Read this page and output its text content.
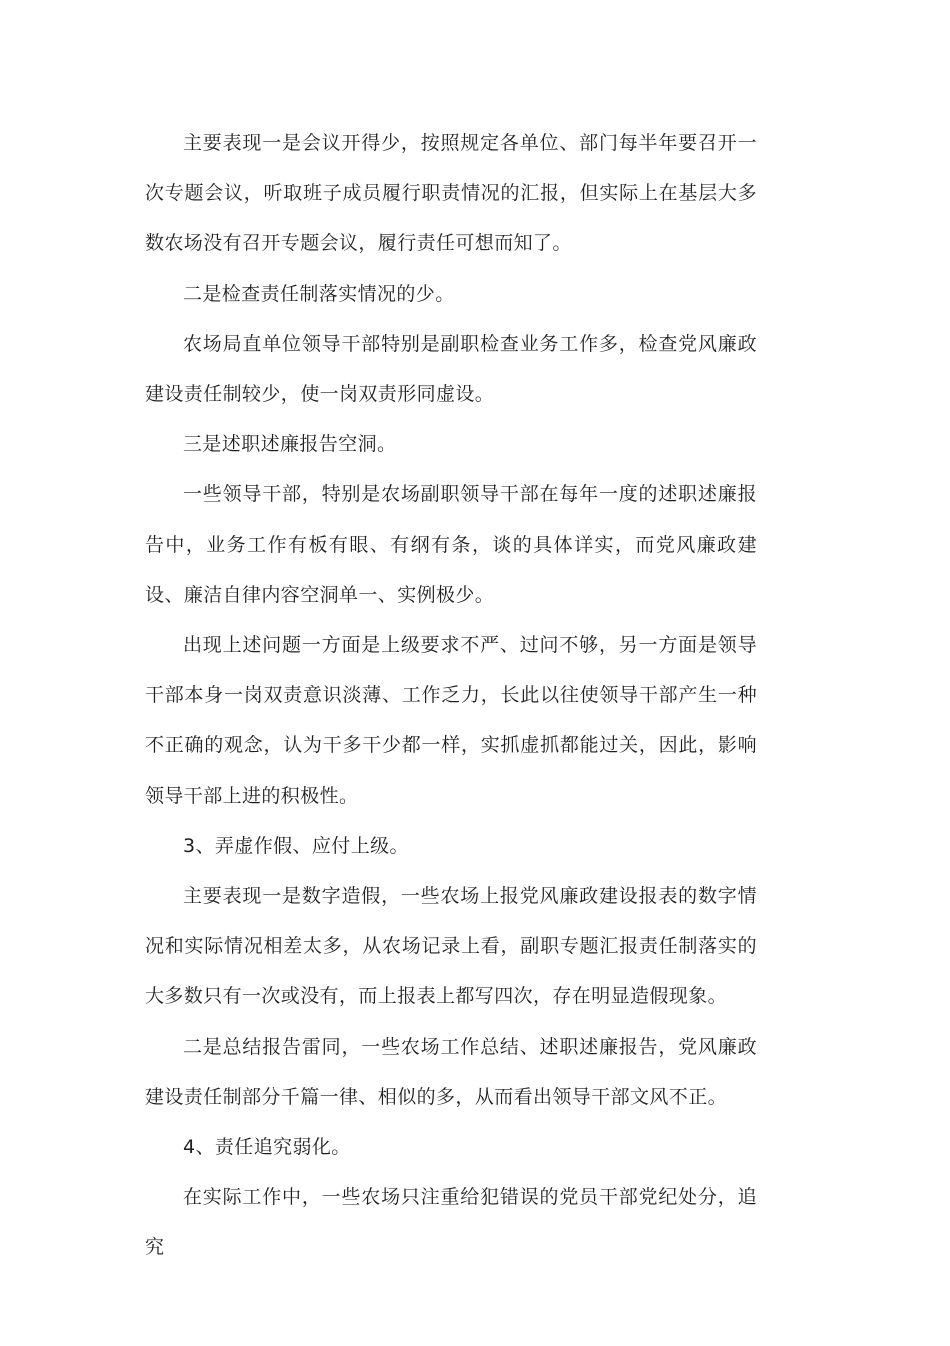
主要表现一是会议开得少，按照规定各单位、部门每半年要召开一次专题会议，听取班子成员履行职责情况的汇报，但实际上在基层大多数农场没有召开专题会议，履行责任可想而知了。

二是检查责任制落实情况的少。

农场局直单位领导干部特别是副职检查业务工作多，检查党风廉政建设责任制较少，使一岗双责形同虚设。

三是述职述廉报告空洞。

一些领导干部，特别是农场副职领导干部在每年一度的述职述廉报告中，业务工作有板有眼、有纲有条，谈的具体详实，而党风廉政建设、廉洁自律内容空洞单一、实例极少。

出现上述问题一方面是上级要求不严、过问不够，另一方面是领导干部本身一岗双责意识淡薄、工作乏力，长此以往使领导干部产生一种不正确的观念，认为干多干少都一样，实抓虚抓都能过关，因此，影响领导干部上进的积极性。

3、弄虚作假、应付上级。

主要表现一是数字造假，一些农场上报党风廉政建设报表的数字情况和实际情况相差太多，从农场记录上看，副职专题汇报责任制落实的大多数只有一次或没有，而上报表上都写四次，存在明显造假现象。

二是总结报告雷同，一些农场工作总结、述职述廉报告，党风廉政建设责任制部分千篇一律、相似的多，从而看出领导干部文风不正。

4、责任追究弱化。

在实际工作中，一些农场只注重给犯错误的党员干部党纪处分，追究
